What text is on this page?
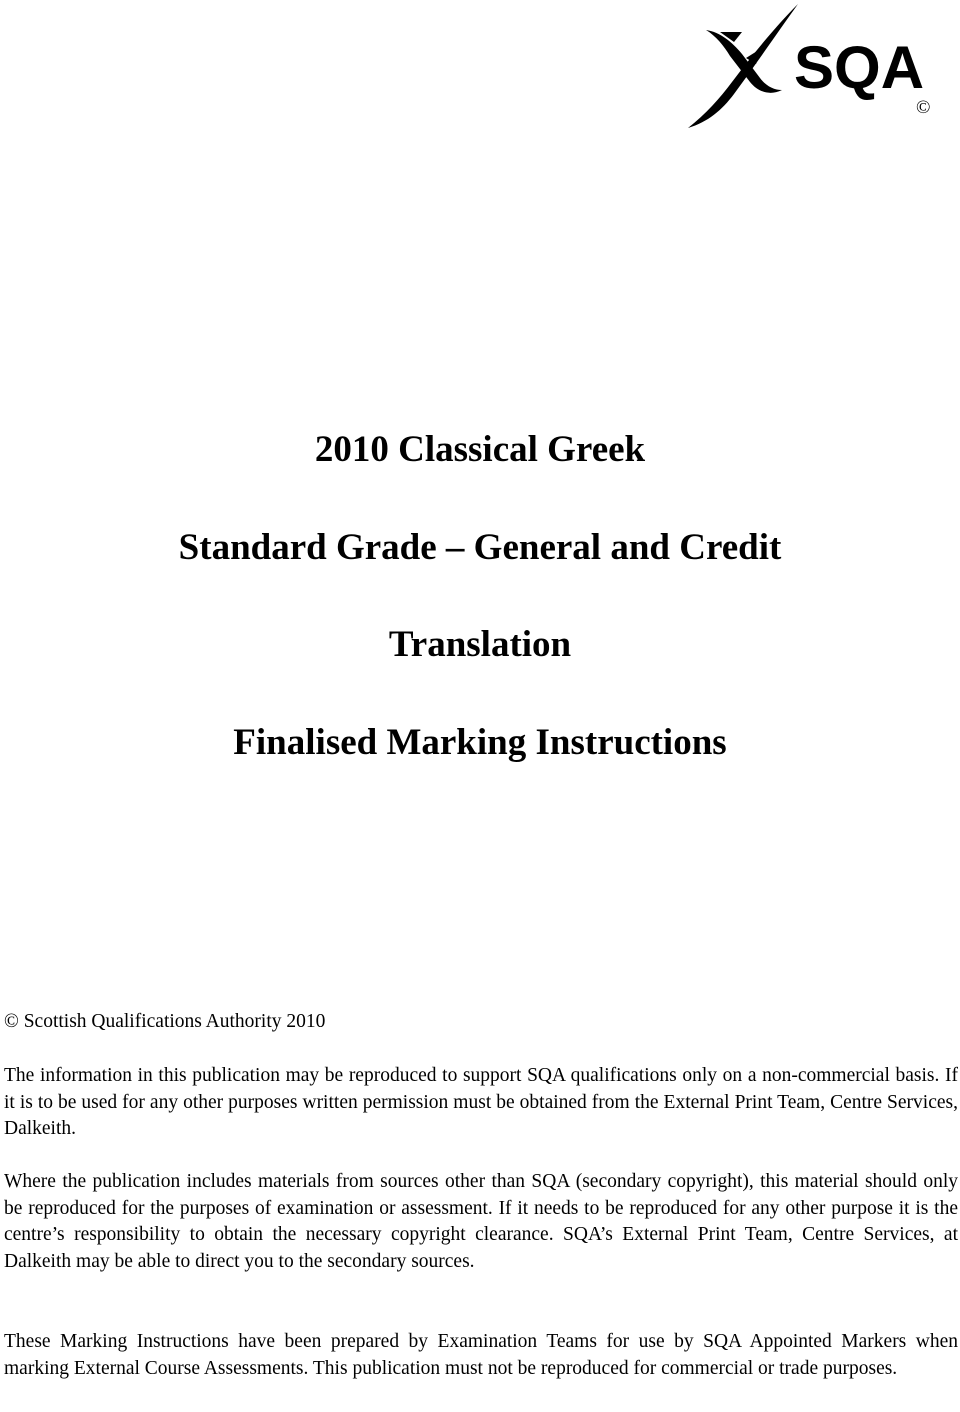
SQA
©
2010 Classical Greek
Standard Grade – General and Credit
Translation
Finalised Marking Instructions
© Scottish Qualifications Authority 2010

The information in this publication may be reproduced to support SQA qualifications only on a non-commercial basis. If it is to be used for any other purposes written permission must be obtained from the External Print Team, Centre Services, Dalkeith.

Where the publication includes materials from sources other than SQA (secondary copyright), this material should only be reproduced for the purposes of examination or assessment. If it needs to be reproduced for any other purpose it is the centre’s responsibility to obtain the necessary copyright clearance. SQA’s External Print Team, Centre Services, at Dalkeith may be able to direct you to the secondary sources.

These Marking Instructions have been prepared by Examination Teams for use by SQA Appointed Markers when marking External Course Assessments. This publication must not be reproduced for commercial or trade purposes.
